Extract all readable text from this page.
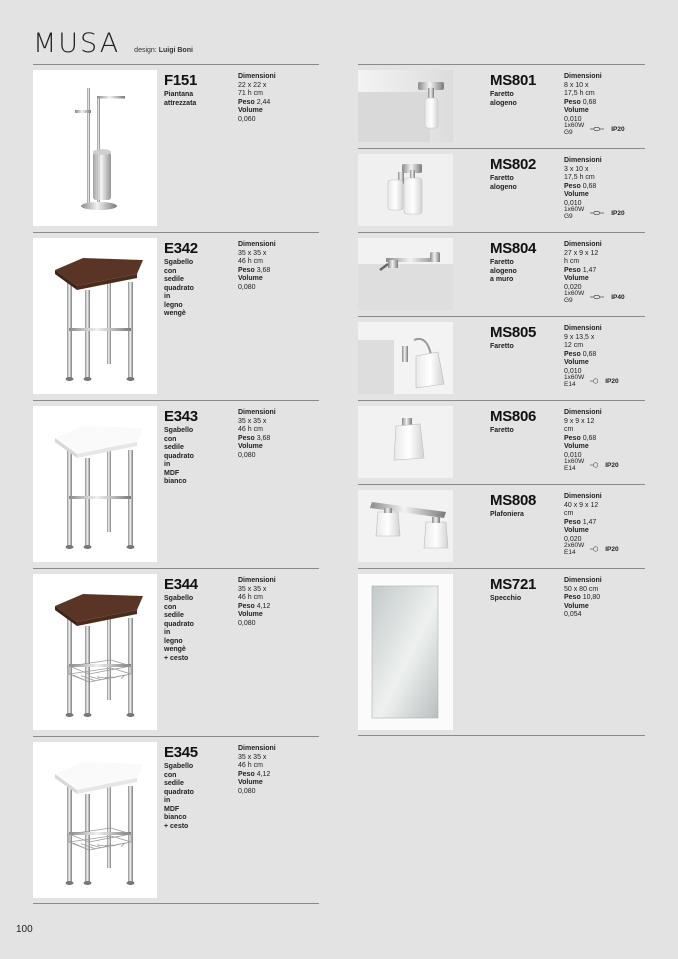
MUSA design: Luigi Boni
F151
Piantana
attrezzata
Dimensioni
22 x 22 x 71 h cm
Peso 2,44
Volume 0,060
E342
Sgabello con
sedile quadrato in
legno wengè
Dimensioni
35 x 35 x 46 h cm
Peso 3,68
Volume 0,080
E343
Sgabello con
sedile quadrato in
MDF bianco
Dimensioni
35 x 35 x 46 h cm
Peso 3,68
Volume 0,080
E344
Sgabello con
sedile quadrato in
legno wengè
+ cesto
Dimensioni
35 x 35 x 46 h cm
Peso 4,12
Volume 0,080
E345
Sgabello con
sedile quadrato in
MDF bianco
+ cesto
Dimensioni
35 x 35 x 46 h cm
Peso 4,12
Volume 0,080
MS801
Faretto alogeno
Dimensioni
8 x 10 x 17,5 h cm
Peso 0,68
Volume 0,010
1x60W G9	IP20
MS802
Faretto alogeno
Dimensioni
3 x 10 x 17,5 h cm
Peso 0,68
Volume 0,010
1x60W G9	IP20
MS804
Faretto alogeno
a muro
Dimensioni
27 x 9 x 12 h cm
Peso 1,47
Volume 0,020
1x60W G9	IP40
MS805
Faretto
Dimensioni
9 x 13,5 x 12 cm
Peso 0,68
Volume 0,010
1x60W E14	IP20
MS806
Faretto
Dimensioni
9 x 9 x 12 cm
Peso 0,68
Volume 0,010
1x60W E14	IP20
MS808
Plafoniera
Dimensioni
40 x 9 x 12 cm
Peso 1,47
Volume 0,020
2x60W E14	IP20
MS721
Specchio
Dimensioni
50 x 80 cm
Peso 10,80
Volume 0,054
100
